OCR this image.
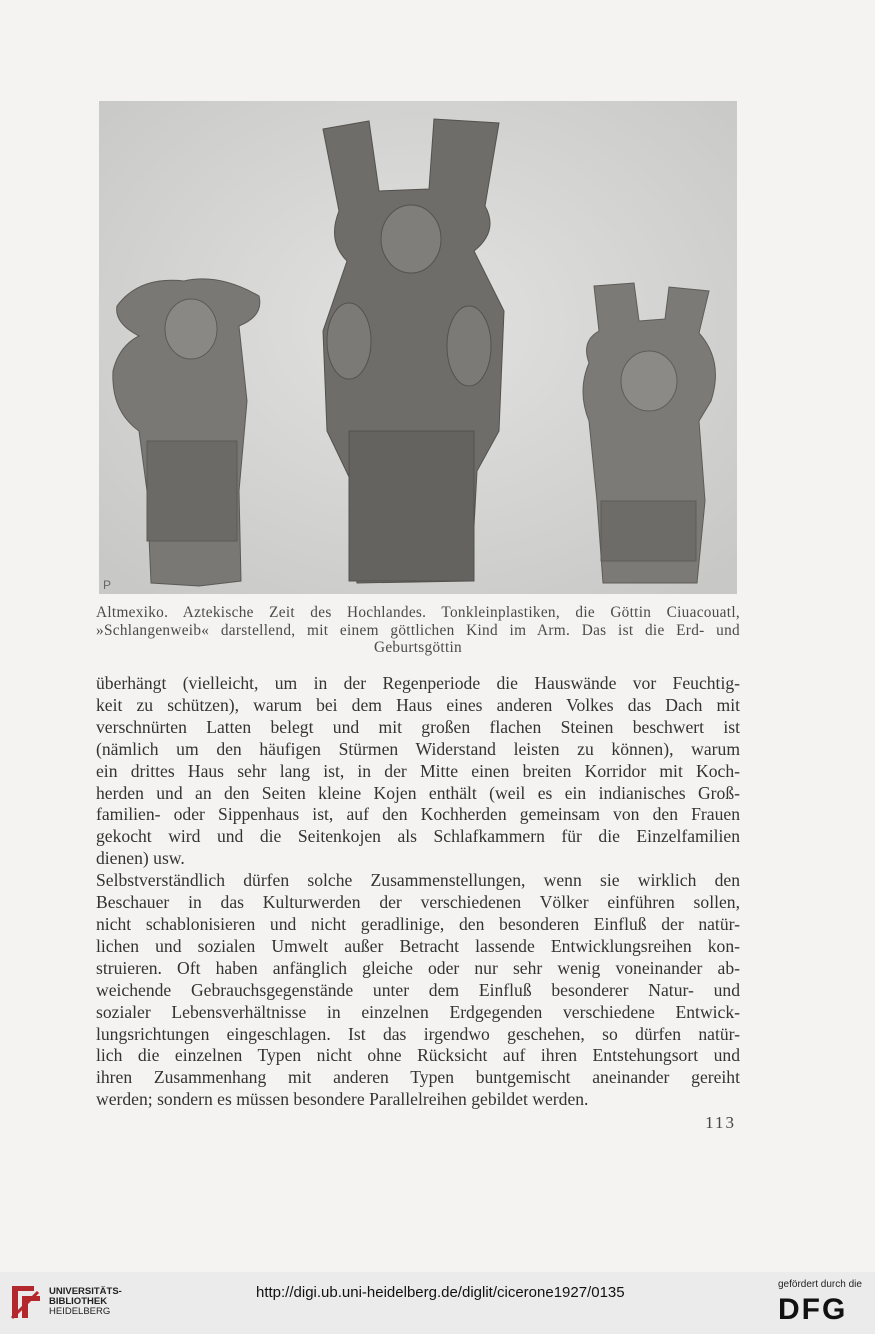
P
Altmexiko. Aztekische Zeit des Hochlandes. Tonkleinplastiken, die Göttin Ciuacouatl,
»Schlangenweib« darstellend, mit einem göttlichen Kind im Arm. Das ist die Erd- und
Geburtsgöttin
überhängt (vielleicht, um in der Regenperiode die Hauswände vor Feuchtig-
keit zu schützen), warum bei dem Haus eines anderen Volkes das Dach mit
verschnürten Latten belegt und mit großen flachen Steinen beschwert ist
(nämlich um den häufigen Stürmen Widerstand leisten zu können), warum
ein drittes Haus sehr lang ist, in der Mitte einen breiten Korridor mit Koch-
herden und an den Seiten kleine Kojen enthält (weil es ein indianisches Groß-
familien- oder Sippenhaus ist, auf den Kochherden gemeinsam von den Frauen
gekocht wird und die Seitenkojen als Schlafkammern für die Einzelfamilien
dienen) usw.
Selbstverständlich dürfen solche Zusammenstellungen, wenn sie wirklich den
Beschauer in das Kulturwerden der verschiedenen Völker einführen sollen,
nicht schablonisieren und nicht geradlinige, den besonderen Einfluß der natür-
lichen und sozialen Umwelt außer Betracht lassende Entwicklungsreihen kon-
struieren. Oft haben anfänglich gleiche oder nur sehr wenig voneinander ab-
weichende Gebrauchsgegenstände unter dem Einfluß besonderer Natur- und
sozialer Lebensverhältnisse in einzelnen Erdgegenden verschiedene Entwick-
lungsrichtungen eingeschlagen. Ist das irgendwo geschehen, so dürfen natür-
lich die einzelnen Typen nicht ohne Rücksicht auf ihren Entstehungsort und
ihren Zusammenhang mit anderen Typen buntgemischt aneinander gereiht
werden; sondern es müssen besondere Parallelreihen gebildet werden.
113
UNIVERSITÄTS-
BIBLIOTHEK
HEIDELBERG
http://digi.ub.uni-heidelberg.de/diglit/cicerone1927/0135	gefördert durch die
DFG
